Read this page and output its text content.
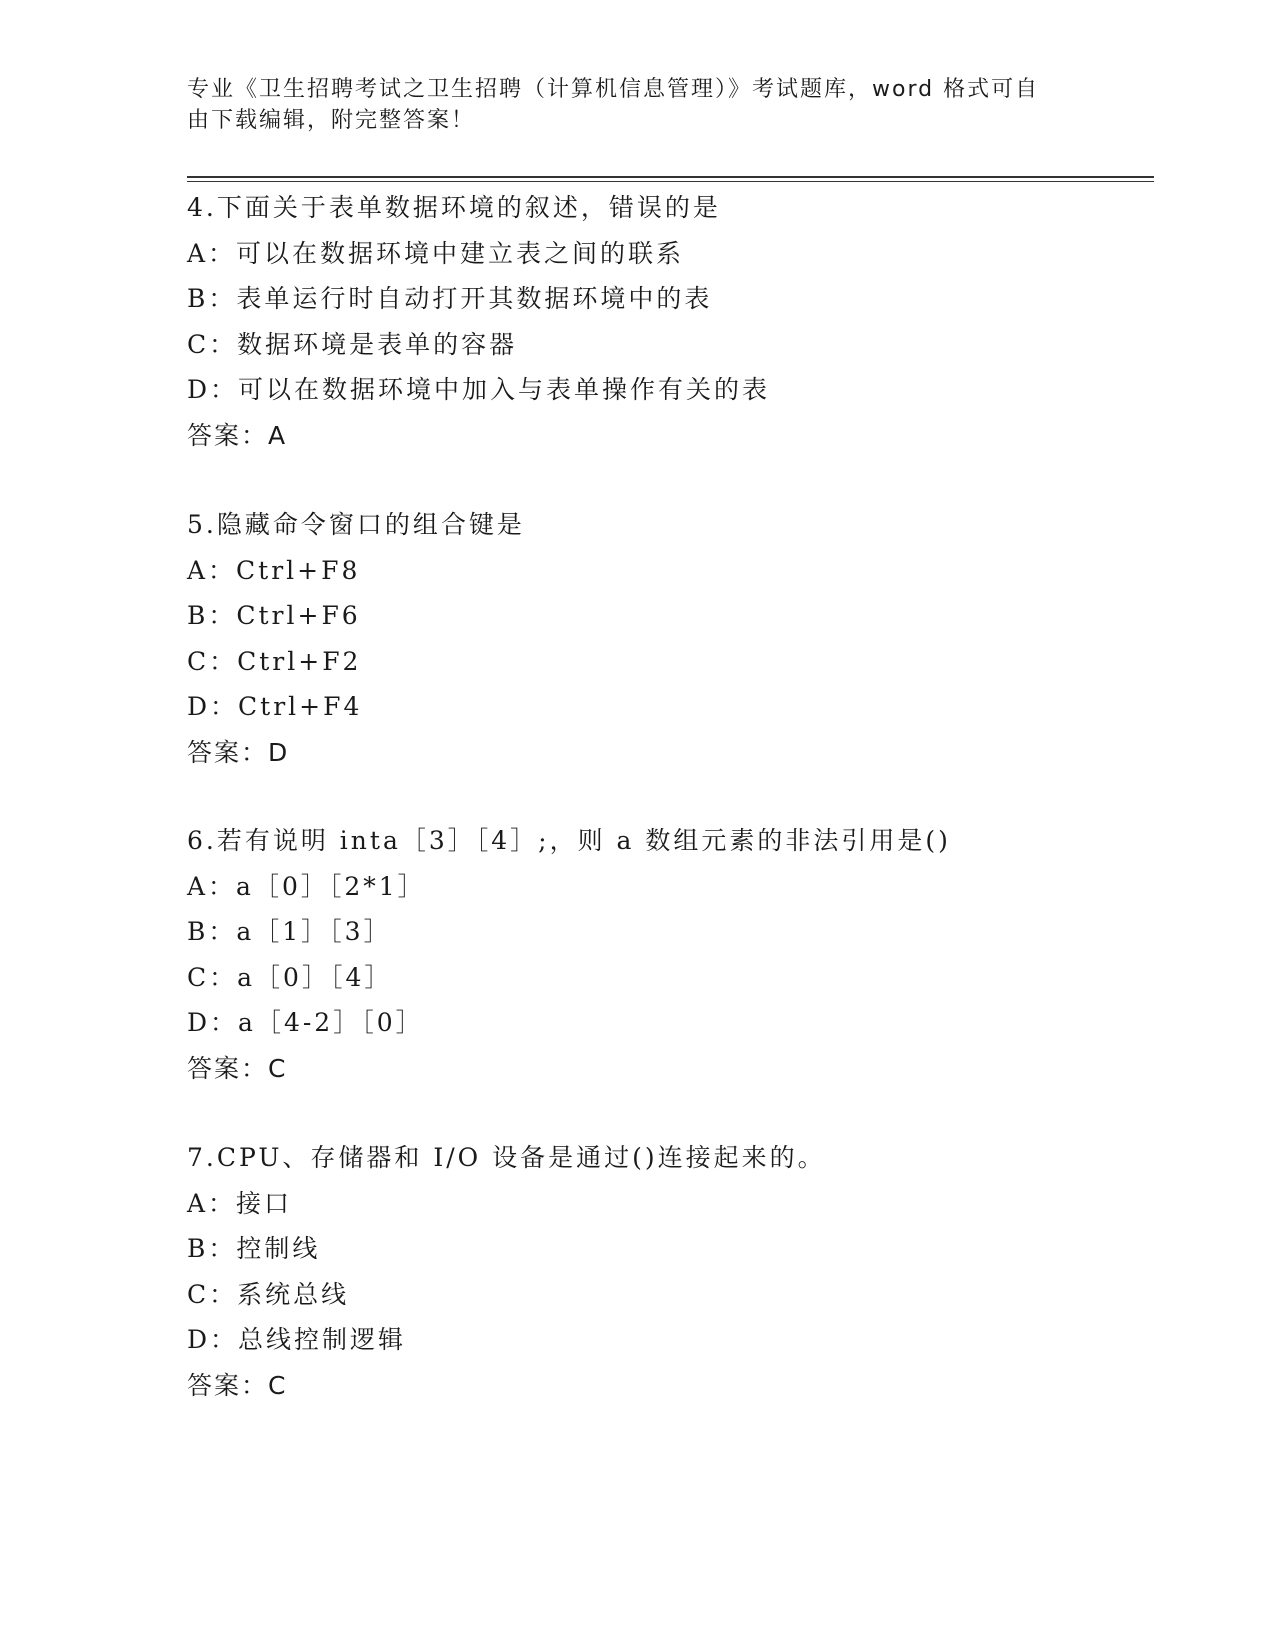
专业《卫生招聘考试之卫生招聘（计算机信息管理）》考试题库，word 格式可自
由下载编辑，附完整答案！
4.下面关于表单数据环境的叙述，错误的是
A：可以在数据环境中建立表之间的联系
B：表单运行时自动打开其数据环境中的表
C：数据环境是表单的容器
D：可以在数据环境中加入与表单操作有关的表
答案：A
5.隐藏命令窗口的组合键是
A：Ctrl+F8
B：Ctrl+F6
C：Ctrl+F2
D：Ctrl+F4
答案：D
6.若有说明 inta［3］［4］;，则 a 数组元素的非法引用是()
A：a［0］［2*1］
B：a［1］［3］
C：a［0］［4］
D：a［4-2］［0］
答案：C
7.CPU、存储器和 I/O 设备是通过()连接起来的。
A：接口
B：控制线
C：系统总线
D：总线控制逻辑
答案：C
